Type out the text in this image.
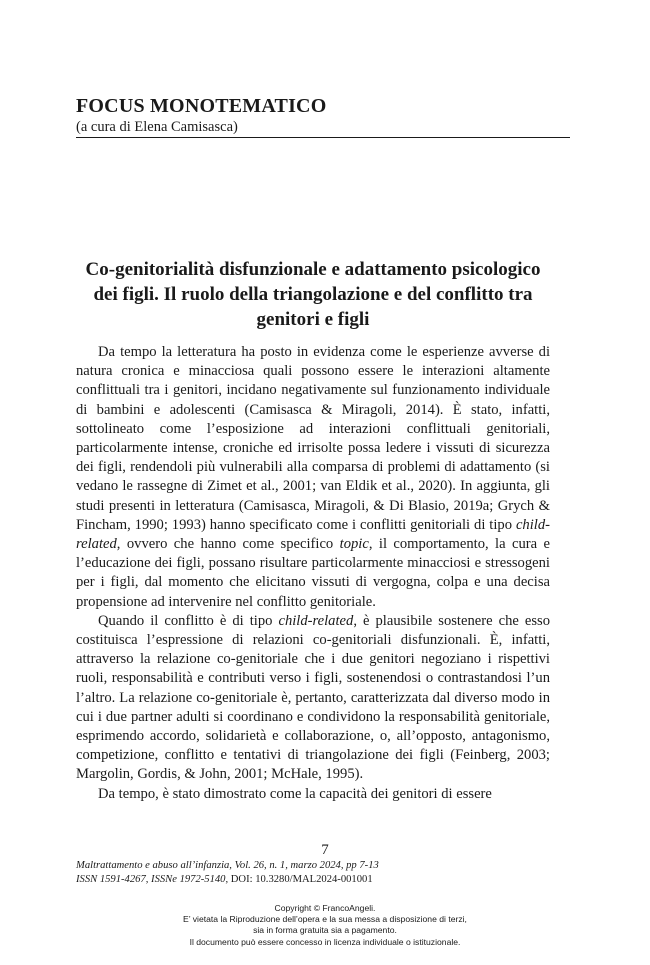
FOCUS MONOTEMATICO
(a cura di Elena Camisasca)
Co-genitorialità disfunzionale e adattamento psicologico dei figli. Il ruolo della triangolazione e del conflitto tra genitori e figli

Da tempo la letteratura ha posto in evidenza come le esperienze avverse di natura cronica e minacciosa quali possono essere le interazioni altamente conflittuali tra i genitori, incidano negativamente sul funzionamento individuale di bambini e adolescenti (Camisasca & Miragoli, 2014). È stato, infatti, sottolineato come l’esposizione ad interazioni conflittuali genitoriali, particolarmente intense, croniche ed irrisolte possa ledere i vissuti di sicurezza dei figli, rendendoli più vulnerabili alla comparsa di problemi di adattamento (si vedano le rassegne di Zimet et al., 2001; van Eldik et al., 2020). In aggiunta, gli studi presenti in letteratura (Camisasca, Miragoli, & Di Blasio, 2019a; Grych & Fincham, 1990; 1993) hanno specificato come i conflitti genitoriali di tipo child-related, ovvero che hanno come specifico topic, il comportamento, la cura e l’educazione dei figli, possano risultare particolarmente minacciosi e stressogeni per i figli, dal momento che elicitano vissuti di vergogna, colpa e una decisa propensione ad intervenire nel conflitto genitoriale.

Quando il conflitto è di tipo child-related, è plausibile sostenere che esso costituisca l’espressione di relazioni co-genitoriali disfunzionali. È, infatti, attraverso la relazione co-genitoriale che i due genitori negoziano i rispettivi ruoli, responsabilità e contributi verso i figli, sostenendosi o contrastandosi l’un l’altro. La relazione co-genitoriale è, pertanto, caratterizzata dal diverso modo in cui i due partner adulti si coordinano e condividono la responsabilità genitoriale, esprimendo accordo, solidarietà e collaborazione, o, all’opposto, antagonismo, competizione, conflitto e tentativi di triangolazione dei figli (Feinberg, 2003; Margolin, Gordis, & John, 2001; McHale, 1995).

Da tempo, è stato dimostrato come la capacità dei genitori di essere

7
Maltrattamento e abuso all’infanzia, Vol. 26, n. 1, marzo 2024, pp 7-13
ISSN 1591-4267, ISSNe 1972-5140, DOI: 10.3280/MAL2024-001001
Copyright © FrancoAngeli.
E’ vietata la Riproduzione dell’opera e la sua messa a disposizione di terzi,
sia in forma gratuita sia a pagamento.
Il documento può essere concesso in licenza individuale o istituzionale.
